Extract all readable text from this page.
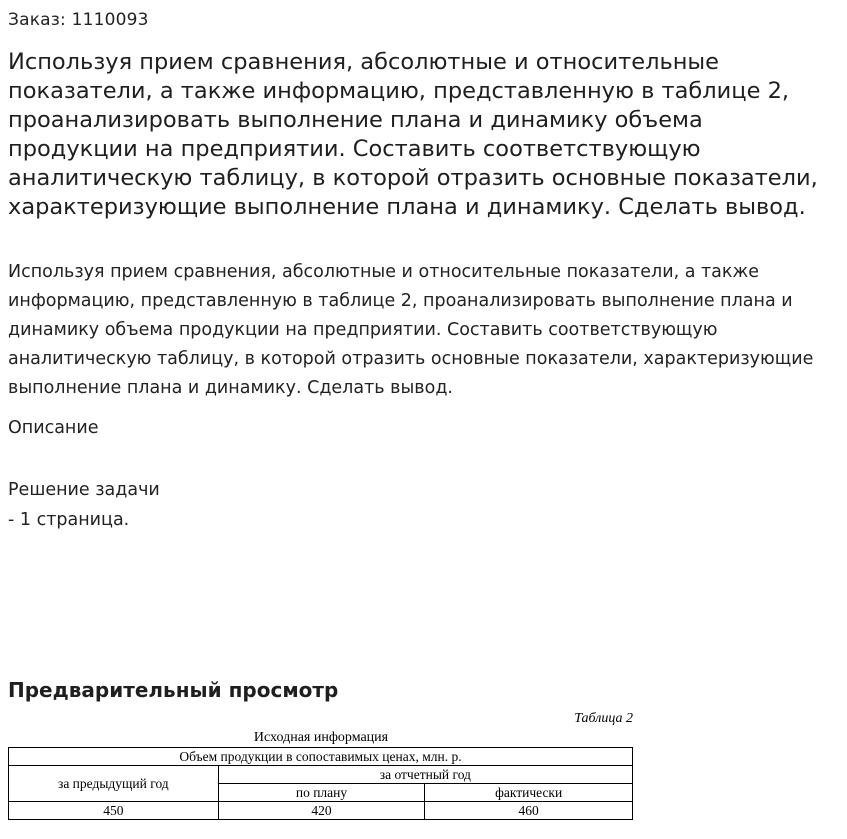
Заказ: 1110093
Используя прием сравнения, абсолютные и относительные показатели, а также информацию, представленную в таблице 2, проанализировать выполнение плана и динамику объема продукции на предприятии. Составить соответствующую аналитическую таблицу, в которой отразить основные показатели, характеризующие выполнение плана и динамику. Сделать вывод.

Используя прием сравнения, абсолютные и относительные показатели, а также информацию, представленную в таблице 2, проанализировать выполнение плана и динамику объема продукции на предприятии. Составить соответствующую аналитическую таблицу, в которой отразить основные показатели, характеризующие выполнение плана и динамику. Сделать вывод.

Описание
Решение задачи
- 1 страница.
Предварительный просмотр
Таблица 2
Исходная информация
Объем продукции в сопоставимых ценах, млн. р.		
за предыдущий год	за отчетный год	
	по плану	фактически
450	420	460
